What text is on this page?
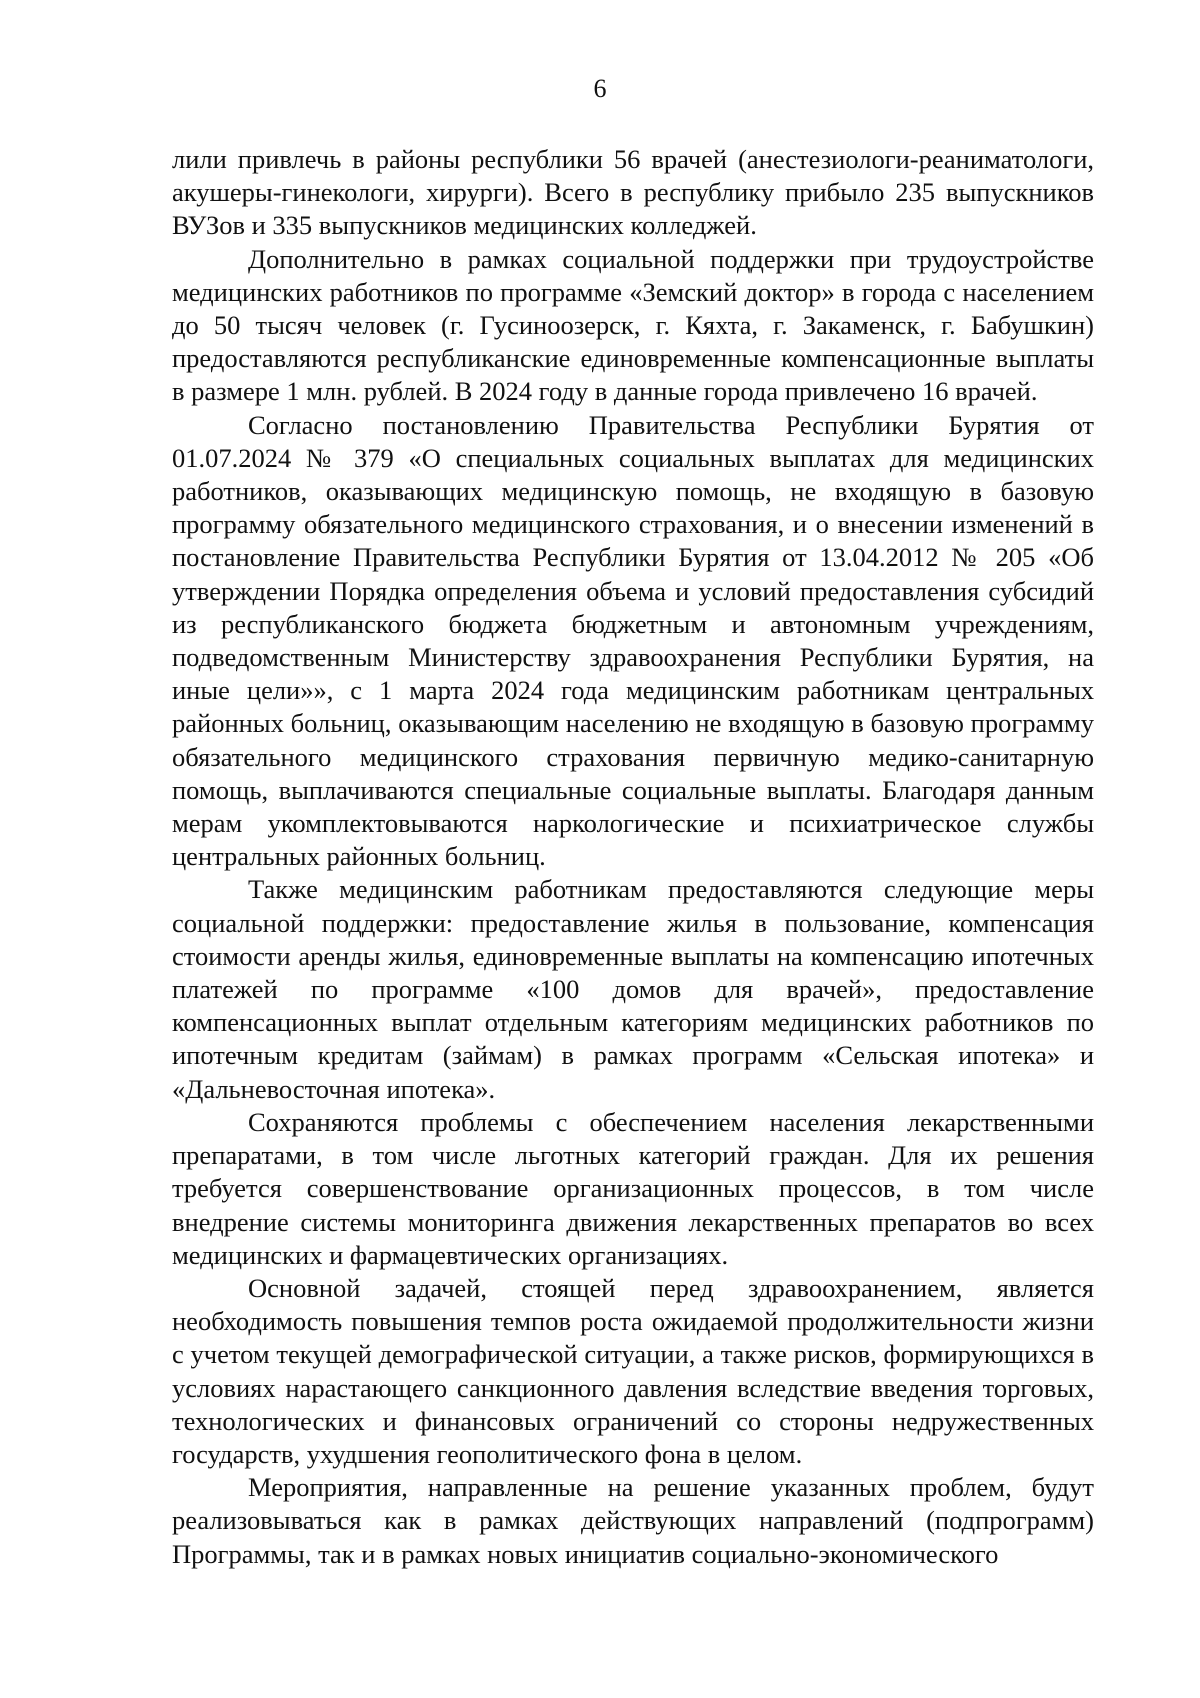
6

лили привлечь в районы республики 56 врачей (анестезиологи-реаниматологи, акушеры-гинекологи, хирурги). Всего в республику прибыло 235 выпускников ВУЗов и 335 выпускников медицинских колледжей.

Дополнительно в рамках социальной поддержки при трудоустройстве медицинских работников по программе «Земский доктор» в города с населением до 50 тысяч человек (г. Гусиноозерск, г. Кяхта, г. Закаменск, г. Бабушкин) предоставляются республиканские единовременные компенсационные выплаты в размере 1 млн. рублей. В 2024 году в данные города привлечено 16 врачей.

Согласно постановлению Правительства Республики Бурятия от 01.07.2024 № 379 «О специальных социальных выплатах для медицинских работников, оказывающих медицинскую помощь, не входящую в базовую программу обязательного медицинского страхования, и о внесении изменений в постановление Правительства Республики Бурятия от 13.04.2012 № 205 «Об утверждении Порядка определения объема и условий предоставления субсидий из республиканского бюджета бюджетным и автономным учреждениям, подведомственным Министерству здравоохранения Республики Бурятия, на иные цели»», с 1 марта 2024 года медицинским работникам центральных районных больниц, оказывающим населению не входящую в базовую программу обязательного медицинского страхования первичную медико-санитарную помощь, выплачиваются специальные социальные выплаты. Благодаря данным мерам укомплектовываются наркологические и психиатрическое службы центральных районных больниц.

Также медицинским работникам предоставляются следующие меры социальной поддержки: предоставление жилья в пользование, компенсация стоимости аренды жилья, единовременные выплаты на компенсацию ипотечных платежей по программе «100 домов для врачей», предоставление компенсационных выплат отдельным категориям медицинских работников по ипотечным кредитам (займам) в рамках программ «Сельская ипотека» и «Дальневосточная ипотека».

Сохраняются проблемы с обеспечением населения лекарственными препаратами, в том числе льготных категорий граждан. Для их решения требуется совершенствование организационных процессов, в том числе внедрение системы мониторинга движения лекарственных препаратов во всех медицинских и фармацевтических организациях.

Основной задачей, стоящей перед здравоохранением, является необходимость повышения темпов роста ожидаемой продолжительности жизни с учетом текущей демографической ситуации, а также рисков, формирующихся в условиях нарастающего санкционного давления вследствие введения торговых, технологических и финансовых ограничений со стороны недружественных государств, ухудшения геополитического фона в целом.

Мероприятия, направленные на решение указанных проблем, будут реализовываться как в рамках действующих направлений (подпрограмм) Программы, так и в рамках новых инициатив социально-экономического
